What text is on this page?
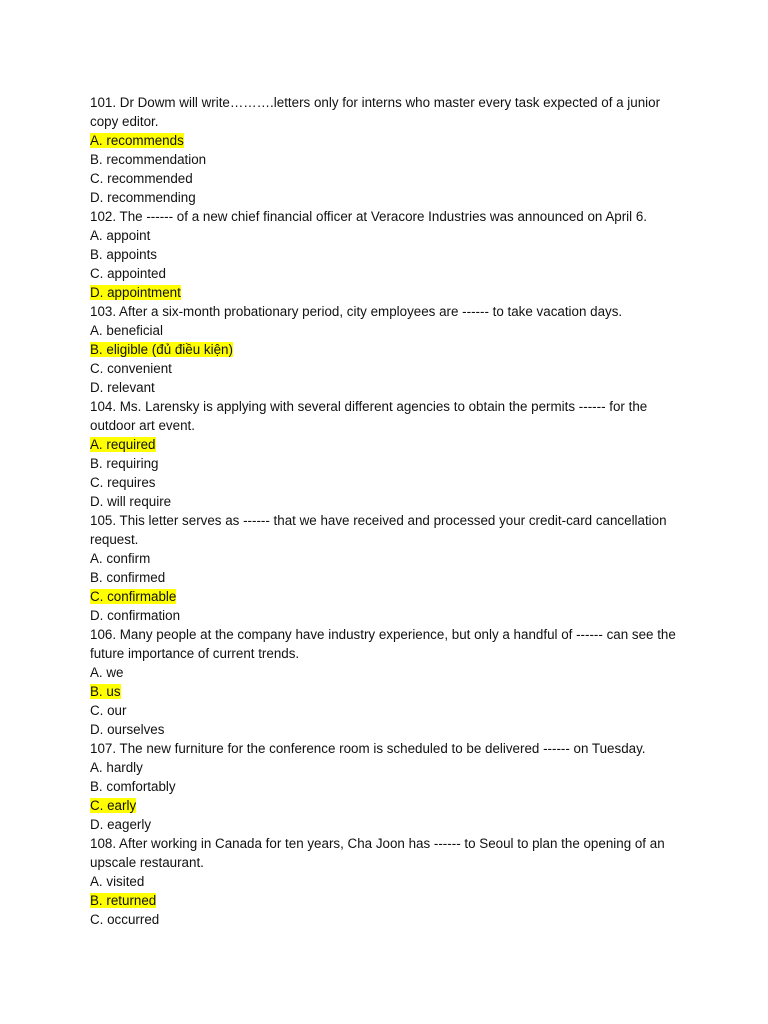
101. Dr Dowm will write……….letters only for interns who master every task expected of a junior copy editor.

A. recommends

B. recommendation

C. recommended

D. recommending

102. The ------ of a new chief financial officer at Veracore Industries was announced on April 6.

A. appoint

B. appoints

C. appointed

D. appointment

103. After a six-month probationary period, city employees are ------ to take vacation days.

A. beneficial

B. eligible (đủ điều kiện)

C. convenient

D. relevant

104. Ms. Larensky is applying with several different agencies to obtain the permits ------ for the outdoor art event.

A. required

B. requiring

C. requires

D. will require

105. This letter serves as ------ that we have received and processed your credit-card cancellation request.

A. confirm

B. confirmed

C. confirmable

D. confirmation

106. Many people at the company have industry experience, but only a handful of ------ can see the future importance of current trends.

A. we

B. us

C. our

D. ourselves

107. The new furniture for the conference room is scheduled to be delivered ------ on Tuesday.

A. hardly

B. comfortably

C. early

D. eagerly

108. After working in Canada for ten years, Cha Joon has ------ to Seoul to plan the opening of an upscale restaurant.

A. visited

B. returned

C. occurred
